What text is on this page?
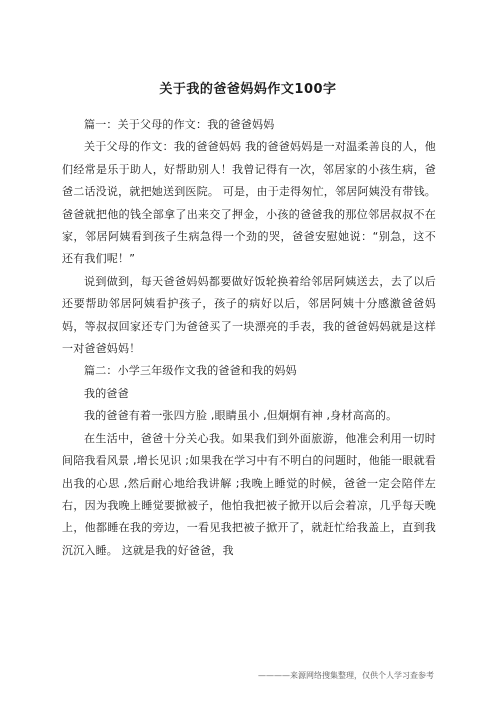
关于我的爸爸妈妈作文100字

篇一：关于父母的作文：我的爸爸妈妈

关于父母的作文：我的爸爸妈妈 我的爸爸妈妈是一对温柔善良的人，他们经常是乐于助人，好帮助别人！我曾记得有一次，邻居家的小孩生病，爸爸二话没说，就把她送到医院。 可是，由于走得匆忙，邻居阿姨没有带钱。爸爸就把他的钱全部拿了出来交了押金，小孩的爸爸我的那位邻居叔叔不在家，邻居阿姨看到孩子生病急得一个劲的哭，爸爸安慰她说：“别急，这不还有我们呢！”

说到做到，每天爸爸妈妈都要做好饭轮换着给邻居阿姨送去，去了以后还要帮助邻居阿姨看护孩子，孩子的病好以后，邻居阿姨十分感激爸爸妈妈，等叔叔回家还专门为爸爸买了一块漂亮的手表，我的爸爸妈妈就是这样一对爸爸妈妈！

篇二：小学三年级作文我的爸爸和我的妈妈

我的爸爸

我的爸爸有着一张四方脸 ,眼睛虽小 ,但炯炯有神 ,身材高高的。

在生活中，爸爸十分关心我。如果我们到外面旅游，他准会利用一切时间陪我看风景 ,增长见识 ;如果我在学习中有不明白的问题时，他能一眼就看出我的心思 ,然后耐心地给我讲解 ;我晚上睡觉的时候，爸爸一定会陪伴左右，因为我晚上睡觉要掀被子，他怕我把被子掀开以后会着凉，几乎每天晚上，他都睡在我的旁边，一看见我把被子掀开了，就赶忙给我盖上，直到我沉沉入睡。 这就是我的好爸爸，我

————来源网络搜集整理，仅供个人学习查参考
